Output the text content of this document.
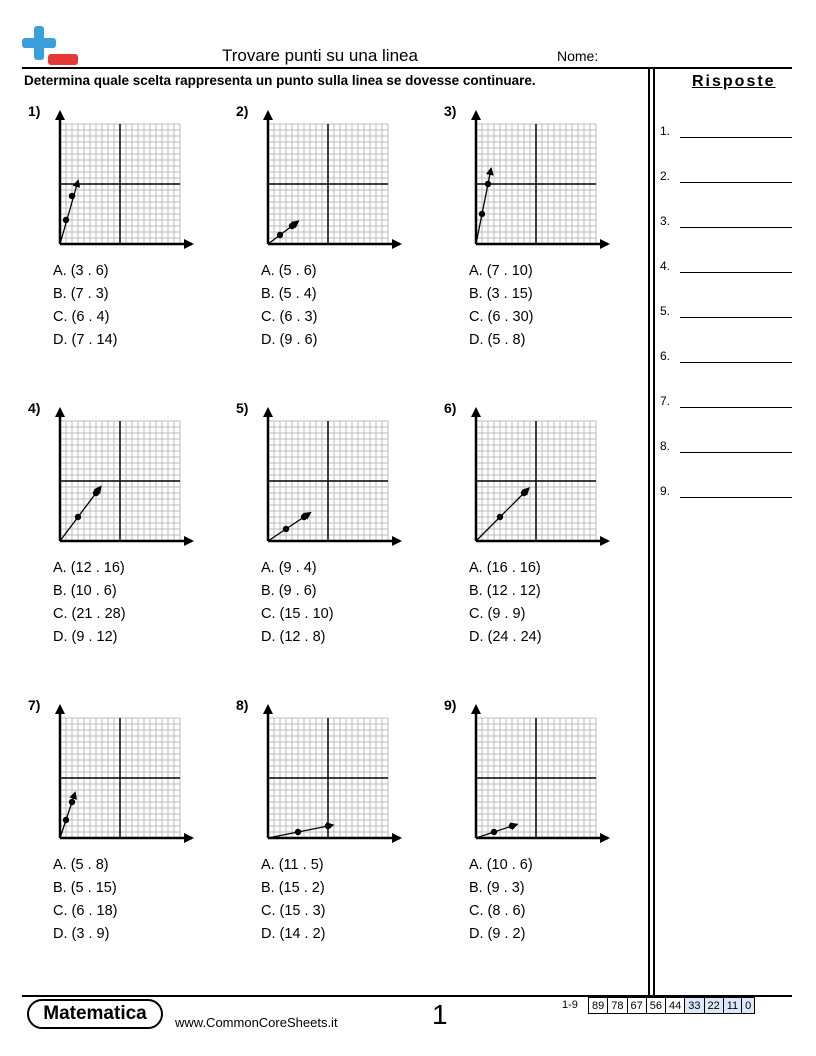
Trovare punti su una linea	Nome:
Determina quale scelta rappresenta un punto sulla linea se dovesse continuare.	Risposte
1.
2.
3.
4.
5.
6.
7.
8.
9.
1)
A. (3 . 6)
B. (7 . 3)
C. (6 . 4)
D. (7 . 14)
2)
A. (5 . 6)
B. (5 . 4)
C. (6 . 3)
D. (9 . 6)
3)
A. (7 . 10)
B. (3 . 15)
C. (6 . 30)
D. (5 . 8)
4)
A. (12 . 16)
B. (10 . 6)
C. (21 . 28)
D. (9 . 12)
5)
A. (9 . 4)
B. (9 . 6)
C. (15 . 10)
D. (12 . 8)
6)
A. (16 . 16)
B. (12 . 12)
C. (9 . 9)
D. (24 . 24)
7)
A. (5 . 8)
B. (5 . 15)
C. (6 . 18)
D. (3 . 9)
8)
A. (11 . 5)
B. (15 . 2)
C. (15 . 3)
D. (14 . 2)
9)
A. (10 . 6)
B. (9 . 3)
C. (8 . 6)
D. (9 . 2)
Matematica	www.CommonCoreSheets.it	1	1-9 89	78	67	56	44	33	22	11	0
